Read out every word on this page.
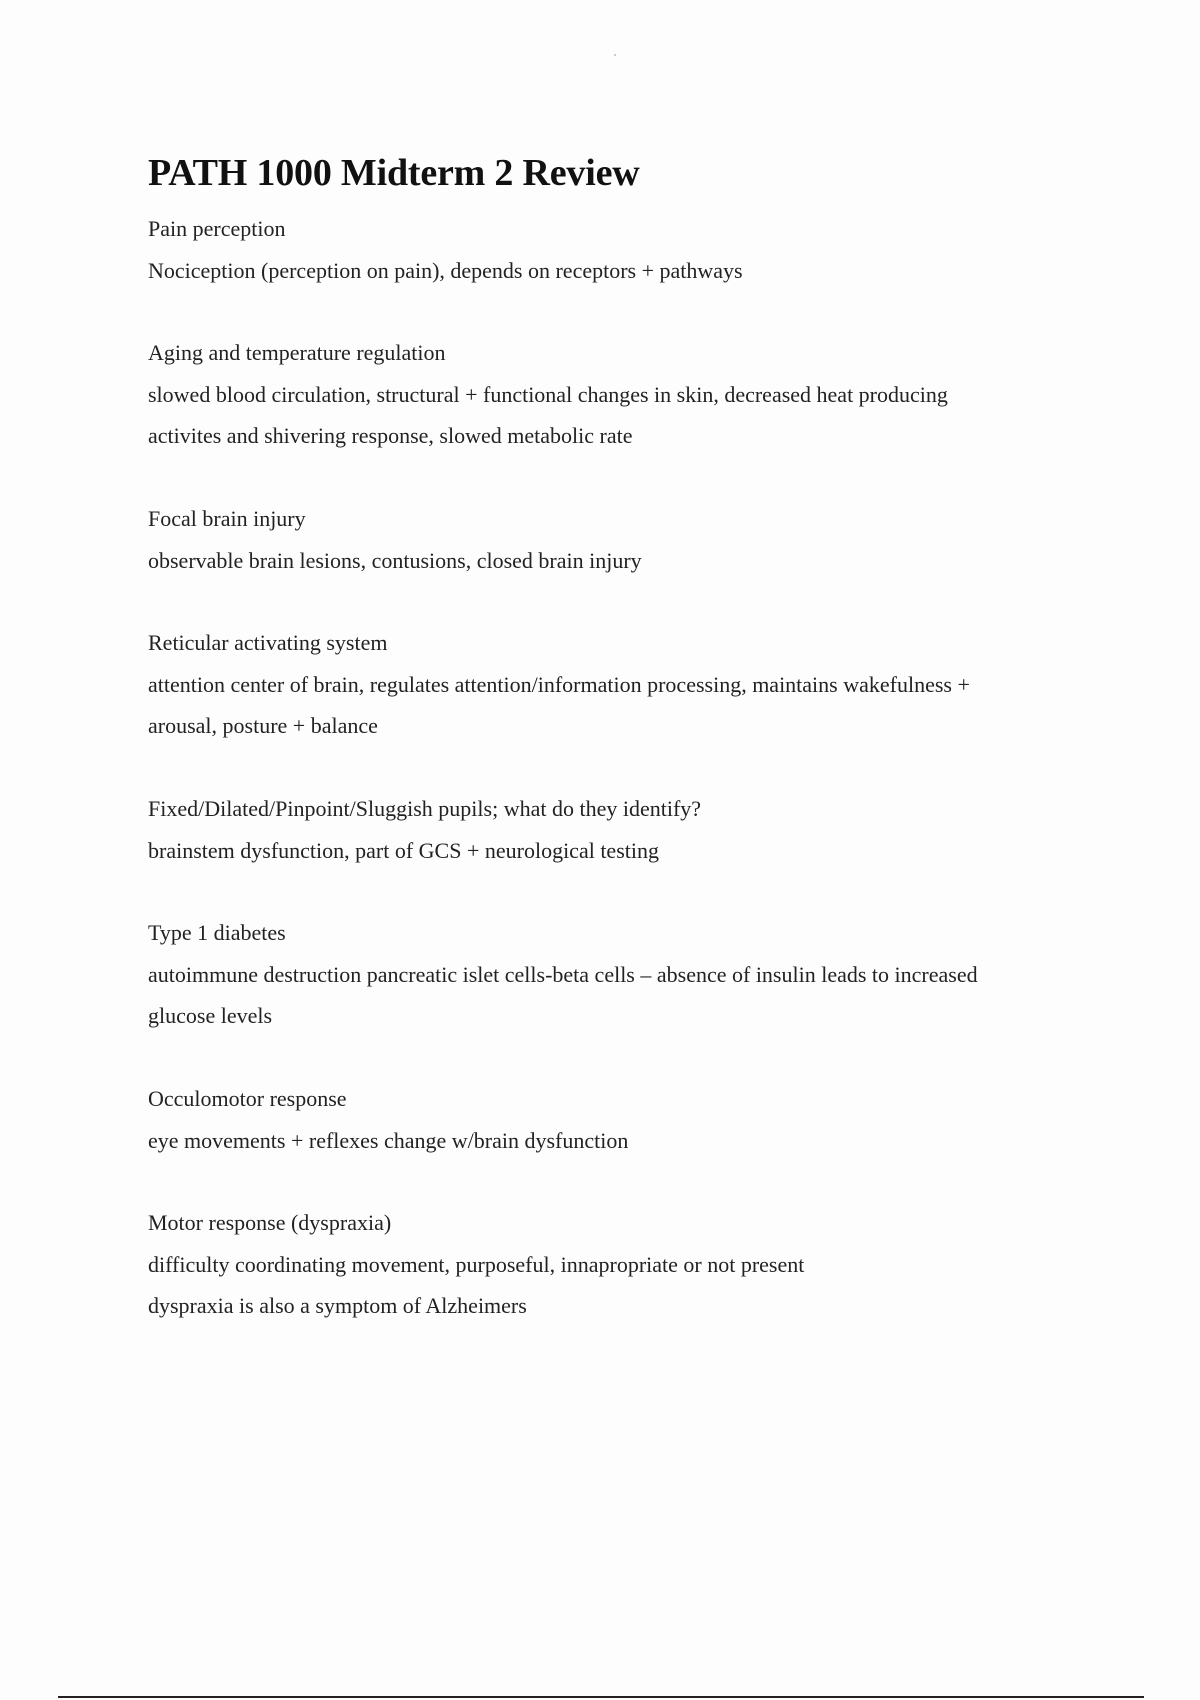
PATH 1000 Midterm 2 Review

Pain perception

Nociception (perception on pain), depends on receptors + pathways

Aging and temperature regulation

slowed blood circulation, structural + functional changes in skin, decreased heat producing

activites and shivering response, slowed metabolic rate

Focal brain injury

observable brain lesions, contusions, closed brain injury

Reticular activating system

attention center of brain, regulates attention/information processing, maintains wakefulness +

arousal, posture + balance

Fixed/Dilated/Pinpoint/Sluggish pupils; what do they identify?

brainstem dysfunction, part of GCS + neurological testing

Type 1 diabetes

autoimmune destruction pancreatic islet cells-beta cells – absence of insulin leads to increased

glucose levels

Occulomotor response

eye movements + reflexes change w/brain dysfunction

Motor response (dyspraxia)

difficulty coordinating movement, purposeful, innapropriate or not present

dyspraxia is also a symptom of Alzheimers
